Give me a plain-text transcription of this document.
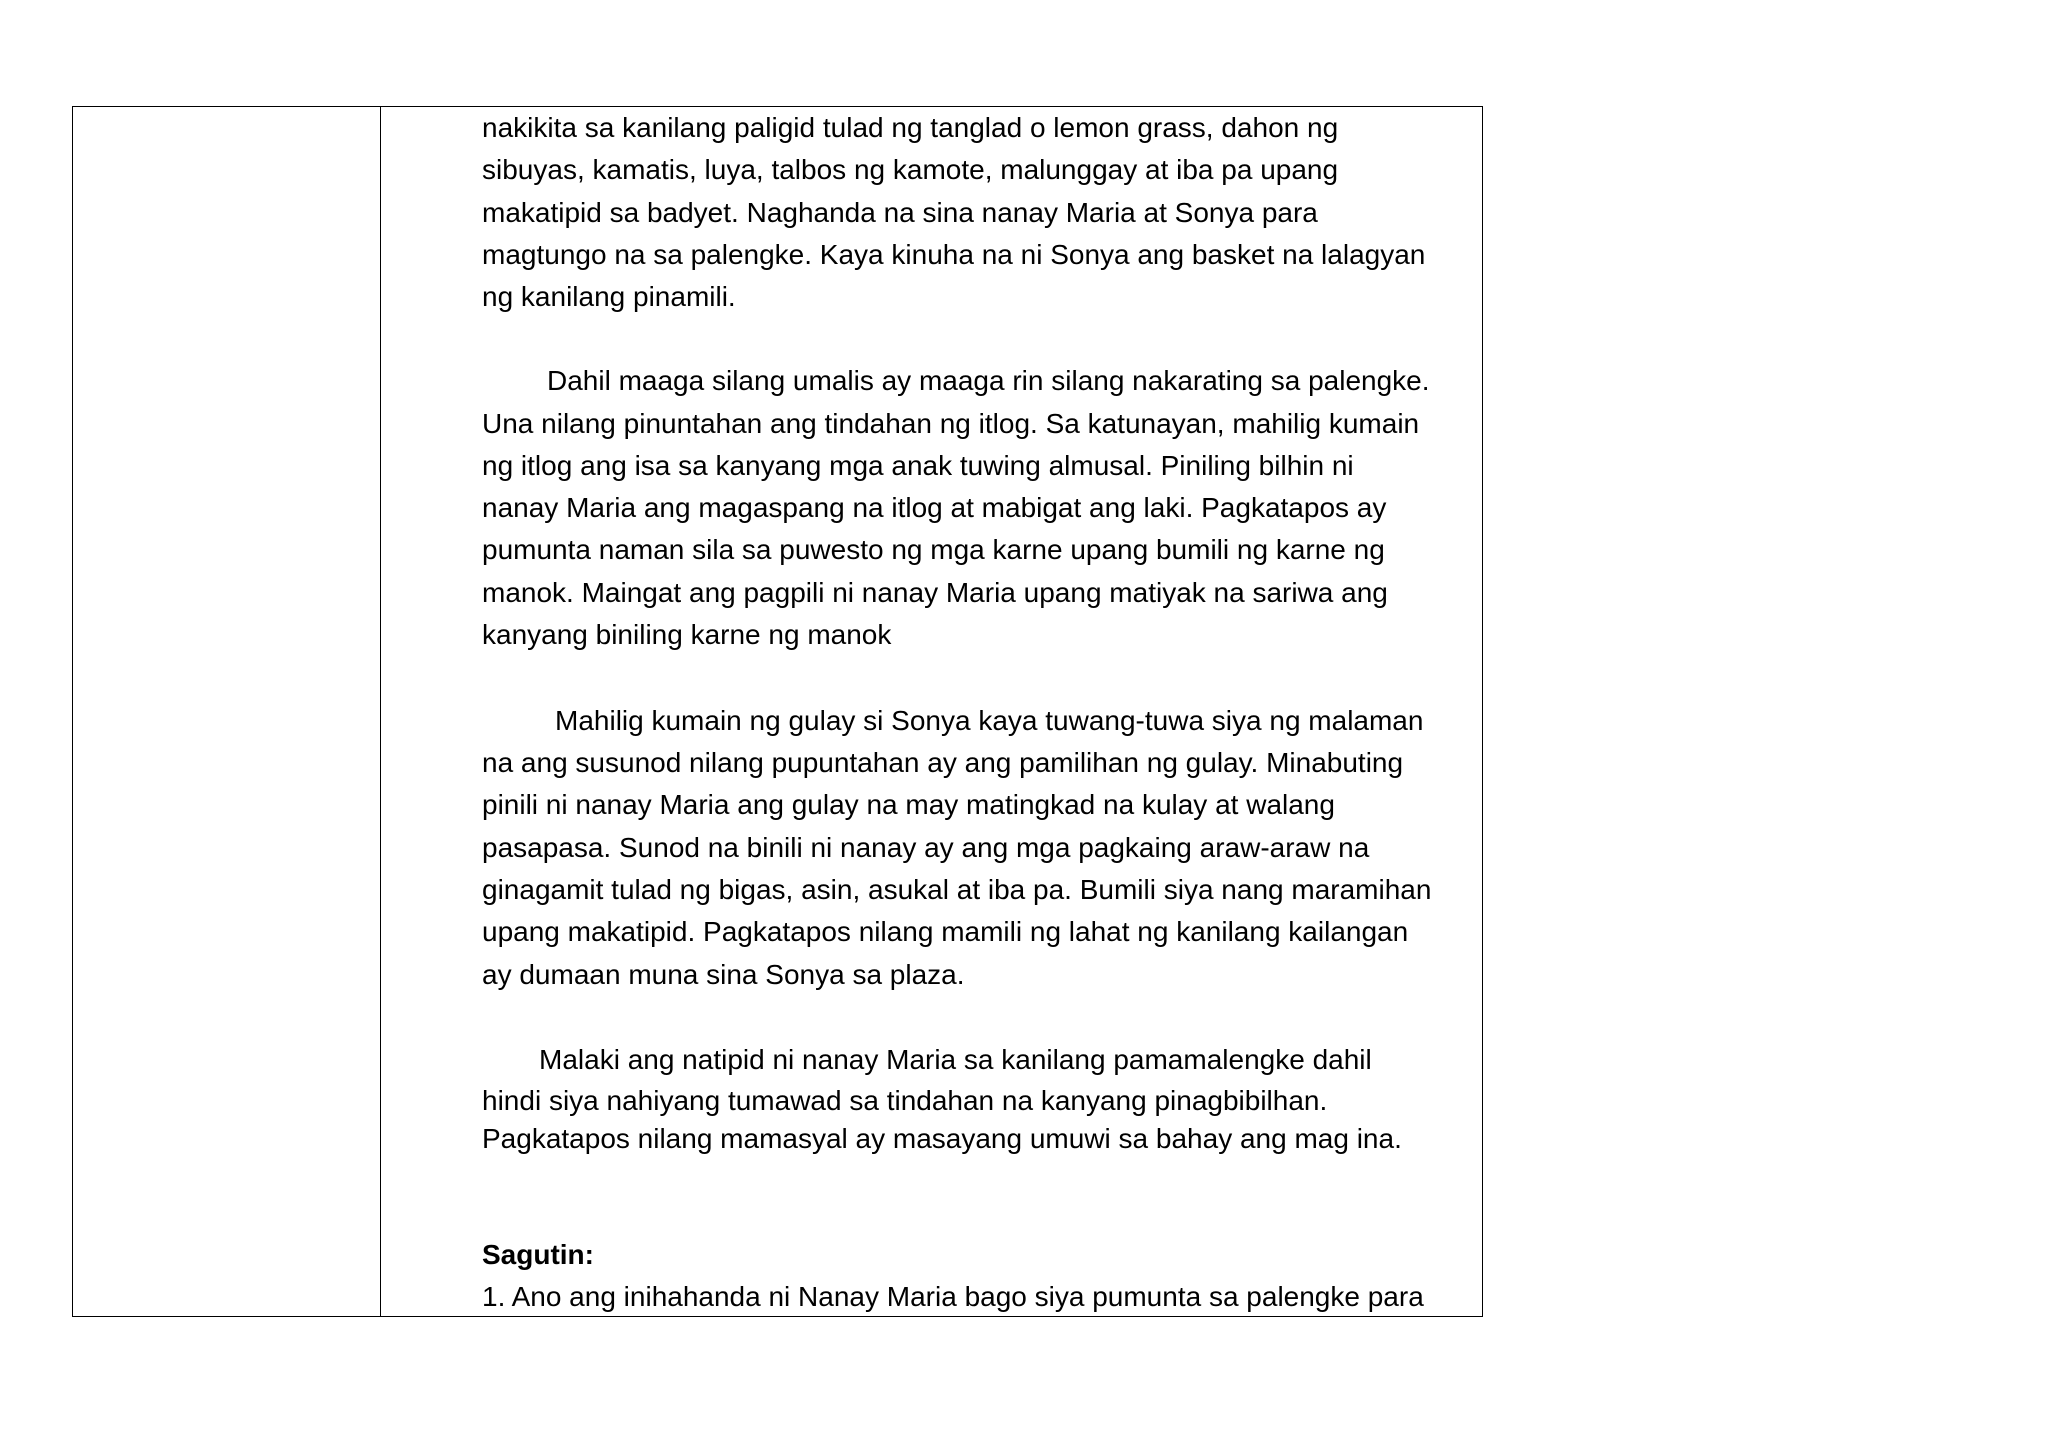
nakikita sa kanilang paligid tulad ng tanglad o lemon grass, dahon ng
sibuyas, kamatis, luya, talbos ng kamote, malunggay at iba pa upang
makatipid sa badyet. Naghanda na sina nanay Maria at Sonya para
magtungo na sa palengke. Kaya kinuha na ni Sonya ang basket na lalagyan
ng kanilang pinamili.
Dahil maaga silang umalis ay maaga rin silang nakarating sa palengke.
Una nilang pinuntahan ang tindahan ng itlog. Sa katunayan, mahilig kumain
ng itlog ang isa sa kanyang mga anak tuwing almusal. Piniling bilhin ni
nanay Maria ang magaspang na itlog at mabigat ang laki. Pagkatapos ay
pumunta naman sila sa puwesto ng mga karne upang bumili ng karne ng
manok. Maingat ang pagpili ni nanay Maria upang matiyak na sariwa ang
kanyang biniling karne ng manok
Mahilig kumain ng gulay si Sonya kaya tuwang-tuwa siya ng malaman
na ang susunod nilang pupuntahan ay ang pamilihan ng gulay. Minabuting
pinili ni nanay Maria ang gulay na may matingkad na kulay at walang
pasapasa. Sunod na binili ni nanay ay ang mga pagkaing araw-araw na
ginagamit tulad ng bigas, asin, asukal at iba pa. Bumili siya nang maramihan
upang makatipid. Pagkatapos nilang mamili ng lahat ng kanilang kailangan
ay dumaan muna sina Sonya sa plaza.
Malaki ang natipid ni nanay Maria sa kanilang pamamalengke dahil
hindi siya nahiyang tumawad sa tindahan na kanyang pinagbibilhan.
Pagkatapos nilang mamasyal ay masayang umuwi sa bahay ang mag ina.
Sagutin:
1. Ano ang inihahanda ni Nanay Maria bago siya pumunta sa palengke para
